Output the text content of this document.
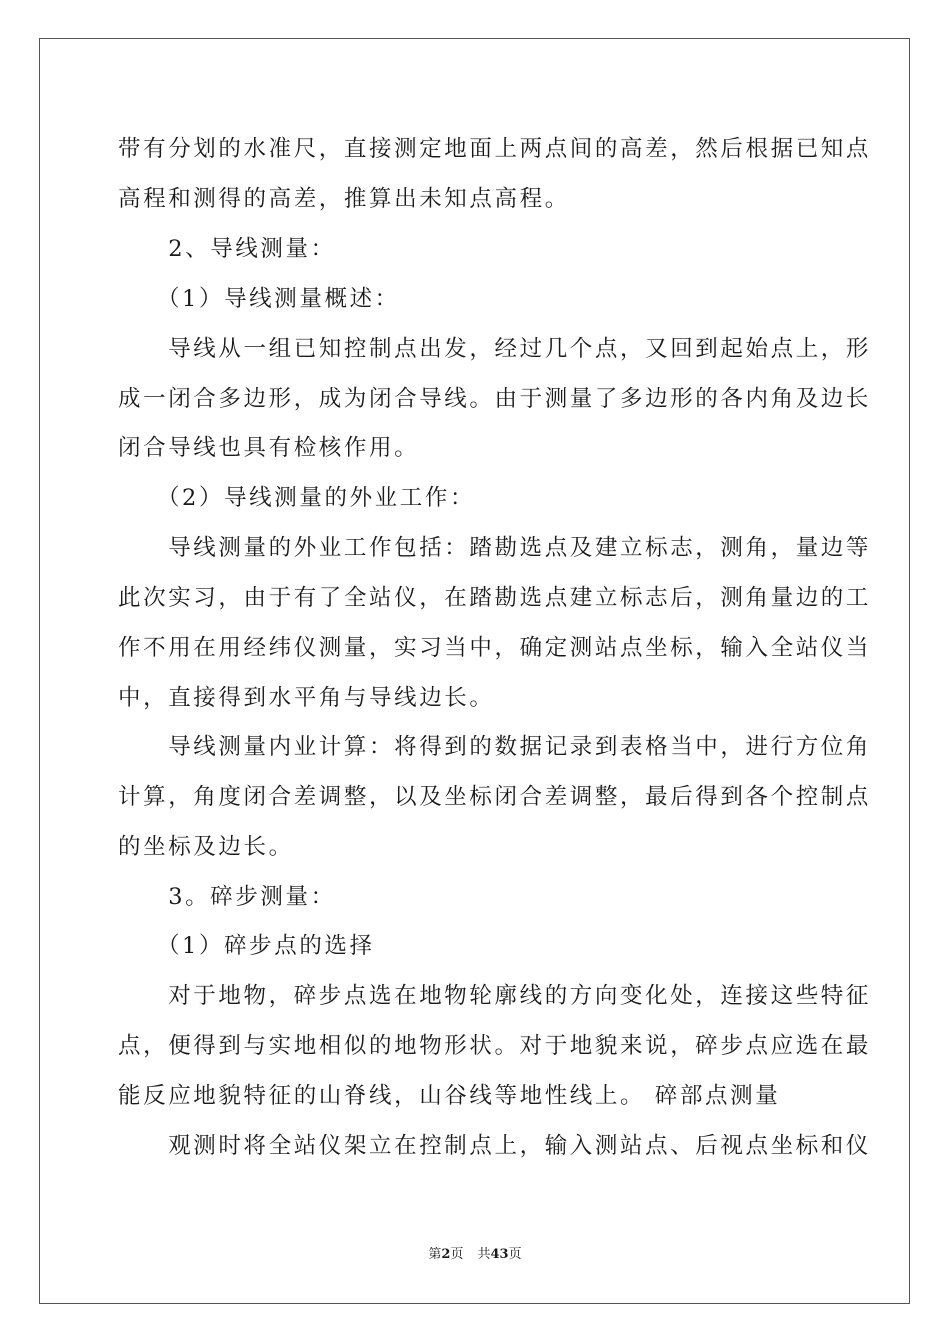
带有分划的水准尺，直接测定地面上两点间的高差，然后根据已知点
高程和测得的高差，推算出未知点高程。
　　2、导线测量：
　　（1）导线测量概述：
　　导线从一组已知控制点出发，经过几个点，又回到起始点上，形
成一闭合多边形，成为闭合导线。由于测量了多边形的各内角及边长
闭合导线也具有检核作用。
　　（2）导线测量的外业工作：
　　导线测量的外业工作包括：踏勘选点及建立标志，测角，量边等
此次实习，由于有了全站仪，在踏勘选点建立标志后，测角量边的工
作不用在用经纬仪测量，实习当中，确定测站点坐标，输入全站仪当
中，直接得到水平角与导线边长。
　　导线测量内业计算：将得到的数据记录到表格当中，进行方位角
计算，角度闭合差调整，以及坐标闭合差调整，最后得到各个控制点
的坐标及边长。
　　3。碎步测量：
　　（1）碎步点的选择
　　对于地物，碎步点选在地物轮廓线的方向变化处，连接这些特征
点，便得到与实地相似的地物形状。对于地貌来说，碎步点应选在最
能反应地貌特征的山脊线，山谷线等地性线上。 碎部点测量
　　观测时将全站仪架立在控制点上，输入测站点、后视点坐标和仪
第2页 共43页
